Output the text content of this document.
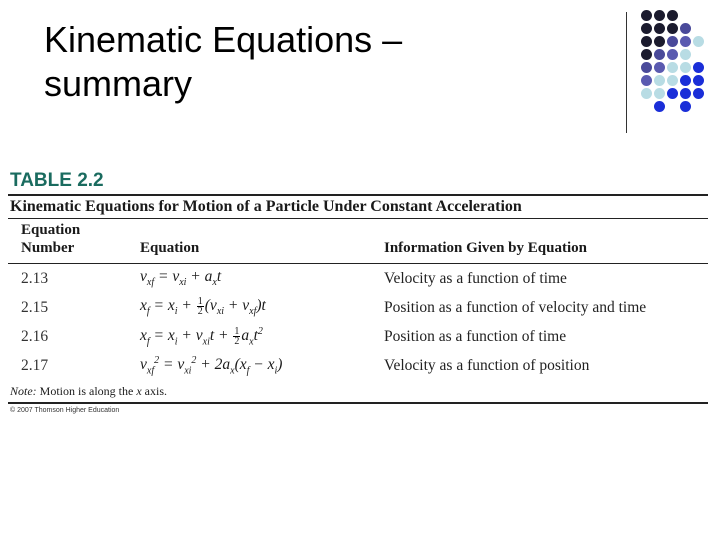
Kinematic Equations –
summary
TABLE 2.2
Kinematic Equations for Motion of a Particle Under Constant Acceleration
Equation
Number	Equation	Information Given by Equation
2.13	$v_{xf} = v_{xi} + a_xt$	Velocity as a function of time
2.15	$x_f = x_i + \frac{1}{2} (v_{xi} + v_{xf})t$	Position as a function of velocity and time
2.16	$x_f = x_i + v_{xi}t + \frac{1}{2} a_xt^2$	Position as a function of time
2.17	$v_{xf}^2 = v_{xi}^2 + 2a_x(x_f - x_i)$	Velocity as a function of position
Note: Motion is along the x axis.
© 2007 Thomson Higher Education
